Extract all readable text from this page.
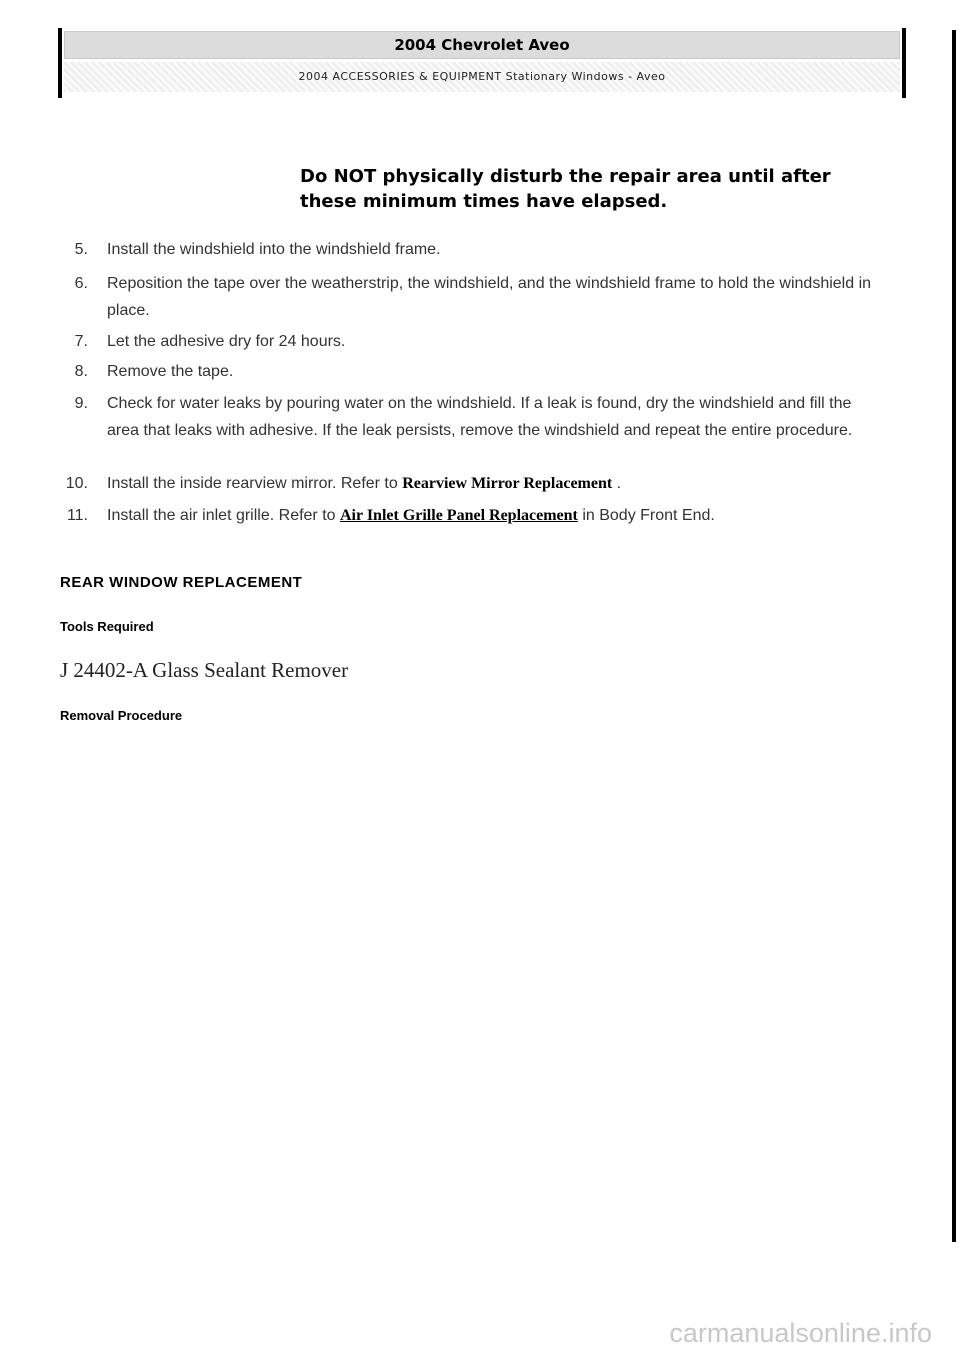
2004 Chevrolet Aveo
2004 ACCESSORIES & EQUIPMENT Stationary Windows - Aveo
Do NOT physically disturb the repair area until after these minimum times have elapsed.
5. Install the windshield into the windshield frame.
6. Reposition the tape over the weatherstrip, the windshield, and the windshield frame to hold the windshield in place.
7. Let the adhesive dry for 24 hours.
8. Remove the tape.
9. Check for water leaks by pouring water on the windshield. If a leak is found, dry the windshield and fill the area that leaks with adhesive. If the leak persists, remove the windshield and repeat the entire procedure.
10. Install the inside rearview mirror. Refer to Rearview Mirror Replacement .
11. Install the air inlet grille. Refer to Air Inlet Grille Panel Replacement in Body Front End.
REAR WINDOW REPLACEMENT
Tools Required
J 24402-A Glass Sealant Remover
Removal Procedure
carmanualsonline.info
